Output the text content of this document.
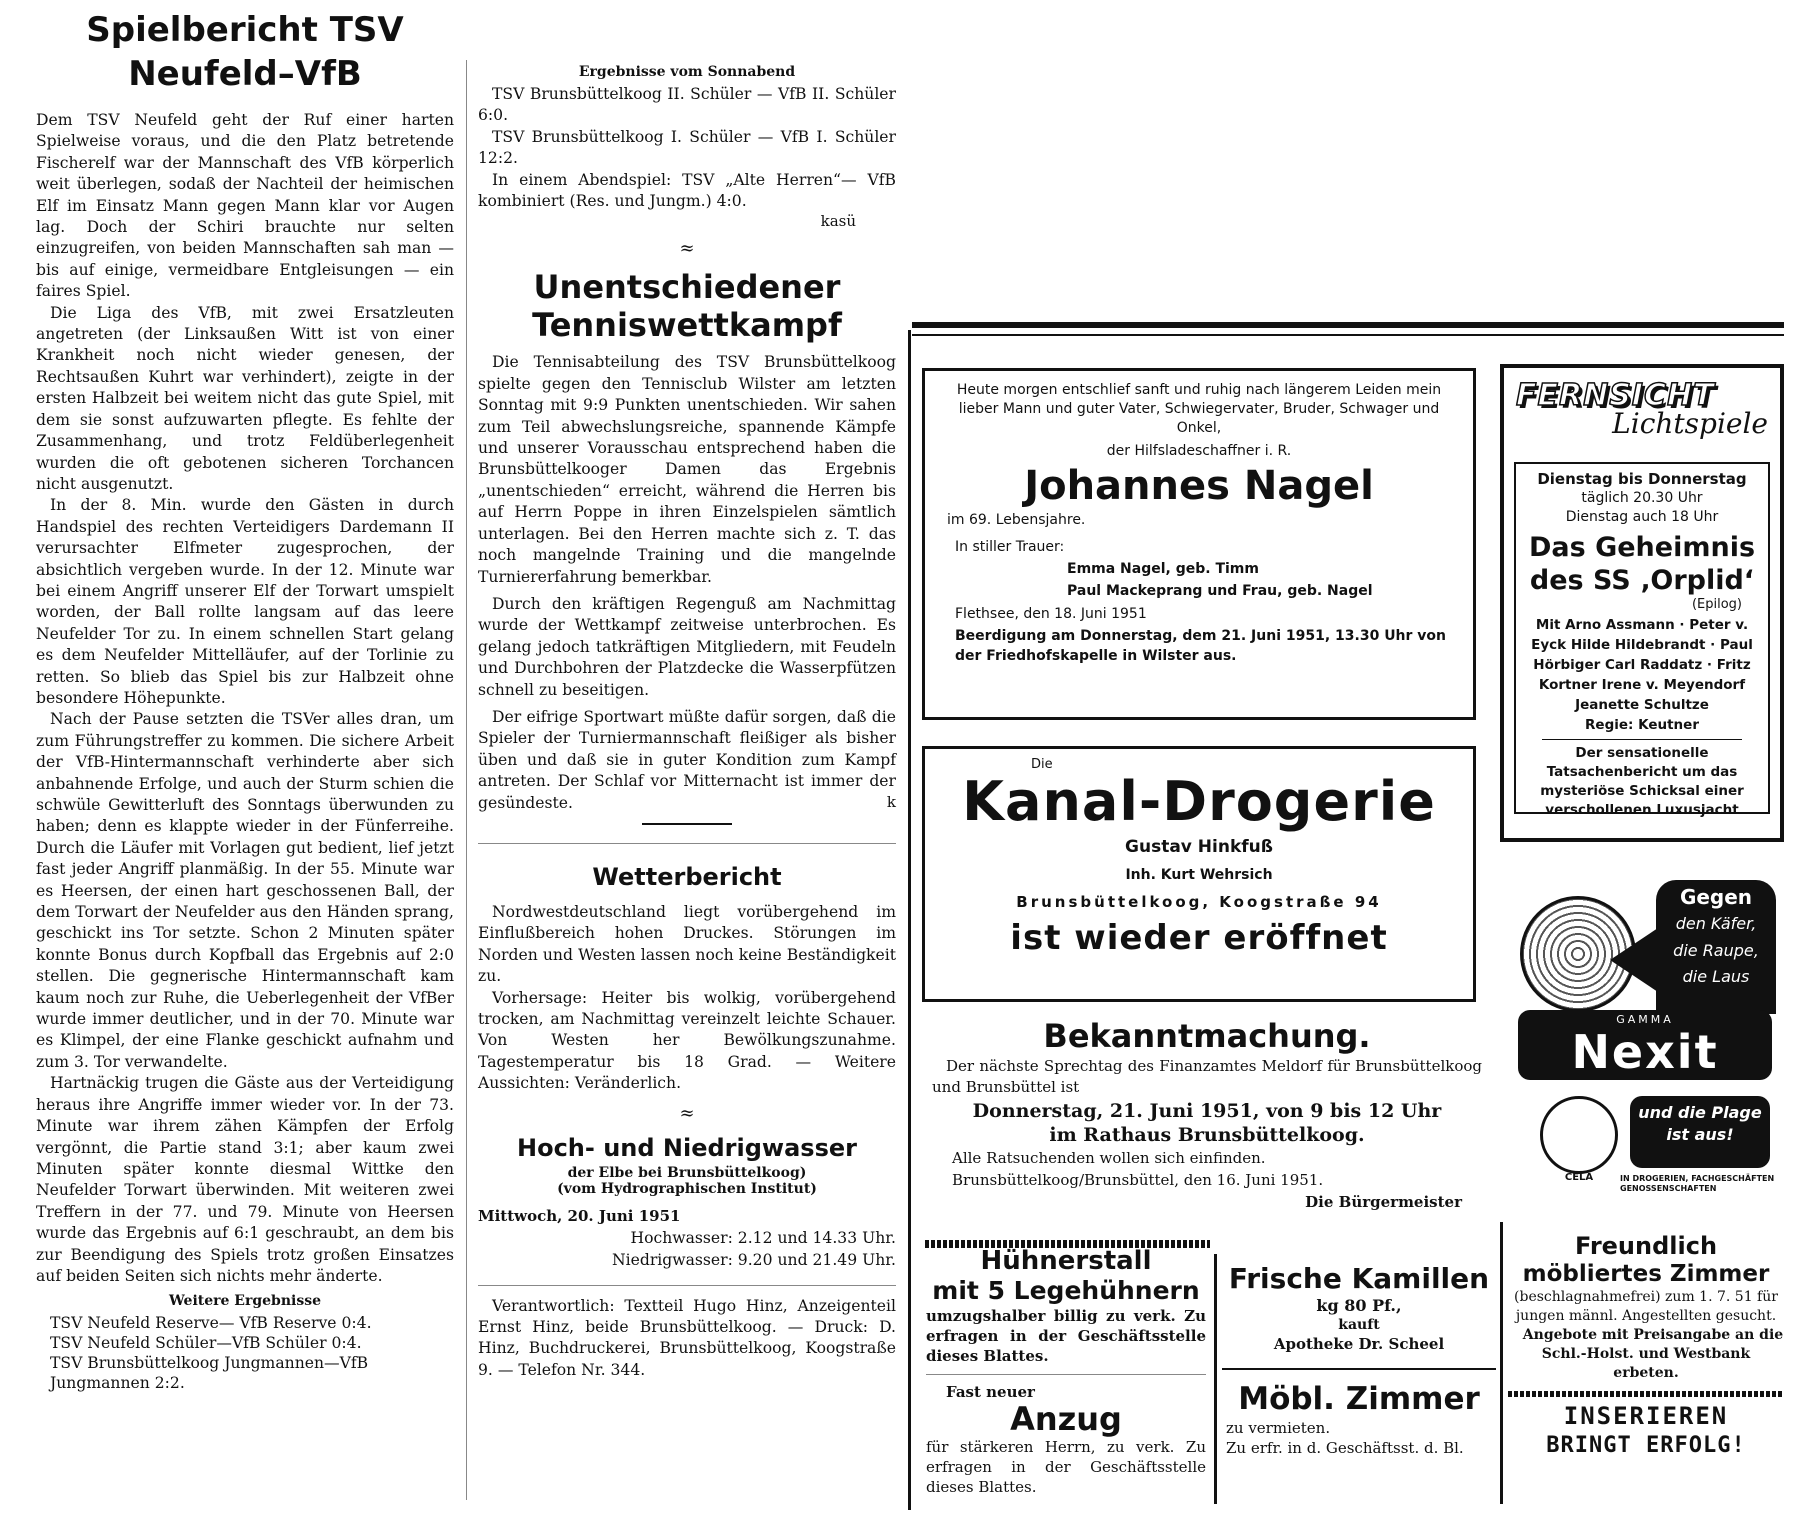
Spielbericht TSV Neufeld–VfB

Dem TSV Neufeld geht der Ruf einer harten Spielweise voraus, und die den Platz betretende Fischerelf war der Mannschaft des VfB körperlich weit überlegen, sodaß der Nachteil der heimischen Elf im Einsatz Mann gegen Mann klar vor Augen lag. Doch der Schiri brauchte nur selten einzugreifen, von beiden Mannschaften sah man — bis auf einige, vermeidbare Entgleisungen — ein faires Spiel.

Die Liga des VfB, mit zwei Ersatzleuten angetreten (der Linksaußen Witt ist von einer Krankheit noch nicht wieder genesen, der Rechtsaußen Kuhrt war verhindert), zeigte in der ersten Halbzeit bei weitem nicht das gute Spiel, mit dem sie sonst aufzuwarten pflegte. Es fehlte der Zusammenhang, und trotz Feldüberlegenheit wurden die oft gebotenen sicheren Torchancen nicht ausgenutzt.

In der 8. Min. wurde den Gästen in durch Handspiel des rechten Verteidigers Dardemann II verursachter Elfmeter zugesprochen, der absichtlich vergeben wurde. In der 12. Minute war bei einem Angriff unserer Elf der Torwart umspielt worden, der Ball rollte langsam auf das leere Neufelder Tor zu. In einem schnellen Start gelang es dem Neufelder Mittelläufer, auf der Torlinie zu retten. So blieb das Spiel bis zur Halbzeit ohne besondere Höhepunkte.

Nach der Pause setzten die TSVer alles dran, um zum Führungstreffer zu kommen. Die sichere Arbeit der VfB-Hintermannschaft verhinderte aber sich anbahnende Erfolge, und auch der Sturm schien die schwüle Gewitterluft des Sonntags überwunden zu haben; denn es klappte wieder in der Fünferreihe. Durch die Läufer mit Vorlagen gut bedient, lief jetzt fast jeder Angriff planmäßig. In der 55. Minute war es Heersen, der einen hart geschossenen Ball, der dem Torwart der Neufelder aus den Händen sprang, geschickt ins Tor setzte. Schon 2 Minuten später konnte Bonus durch Kopfball das Ergebnis auf 2:0 stellen. Die gegnerische Hintermannschaft kam kaum noch zur Ruhe, die Ueberlegenheit der VfBer wurde immer deutlicher, und in der 70. Minute war es Klimpel, der eine Flanke geschickt aufnahm und zum 3. Tor verwandelte.

Hartnäckig trugen die Gäste aus der Verteidigung heraus ihre Angriffe immer wieder vor. In der 73. Minute war ihrem zähen Kämpfen der Erfolg vergönnt, die Partie stand 3:1; aber kaum zwei Minuten später konnte diesmal Wittke den Neufelder Torwart überwinden. Mit weiteren zwei Treffern in der 77. und 79. Minute von Heersen wurde das Ergebnis auf 6:1 geschraubt, an dem bis zur Beendigung des Spiels trotz großen Einsatzes auf beiden Seiten sich nichts mehr änderte.

Weitere Ergebnisse

TSV Neufeld Reserve— VfB Reserve 0:4.

TSV Neufeld Schüler—VfB Schüler 0:4.

TSV Brunsbüttelkoog Jungmannen—VfB Jungmannen 2:2.

Ergebnisse vom Sonnabend

TSV Brunsbüttelkoog II. Schüler — VfB II. Schüler 6:0.

TSV Brunsbüttelkoog I. Schüler — VfB I. Schüler 12:2.

In einem Abendspiel: TSV „Alte Herren“— VfB kombiniert (Res. und Jungm.) 4:0.

kasü
≈
Unentschiedener Tenniswettkampf

Die Tennisabteilung des TSV Brunsbüttelkoog spielte gegen den Tennisclub Wilster am letzten Sonntag mit 9:9 Punkten unentschieden. Wir sahen zum Teil abwechslungsreiche, spannende Kämpfe und unserer Vorausschau entsprechend haben die Brunsbüttelkooger Damen das Ergebnis „unentschieden“ erreicht, während die Herren bis auf Herrn Poppe in ihren Einzelspielen sämtlich unterlagen. Bei den Herren machte sich z. T. das noch mangelnde Training und die mangelnde Turniererfahrung bemerkbar.

Durch den kräftigen Regenguß am Nachmittag wurde der Wettkampf zeitweise unterbrochen. Es gelang jedoch tatkräftigen Mitgliedern, mit Feudeln und Durchbohren der Platzdecke die Wasserpfützen schnell zu beseitigen.

Der eifrige Sportwart müßte dafür sorgen, daß die Spieler der Turniermannschaft fleißiger als bisher üben und daß sie in guter Kondition zum Kampf antreten. Der Schlaf vor Mitternacht ist immer der gesündeste.	k
Wetterbericht

Nordwestdeutschland liegt vorübergehend im Einflußbereich hohen Druckes. Störungen im Norden und Westen lassen noch keine Beständigkeit zu.

Vorhersage: Heiter bis wolkig, vorübergehend trocken, am Nachmittag vereinzelt leichte Schauer. Von Westen her Bewölkungszunahme. Tagestemperatur bis 18 Grad. — Weitere Aussichten: Veränderlich.

≈
Hoch- und Niedrigwasser
der Elbe bei Brunsbüttelkoog)
(vom Hydrographischen Institut)
Mittwoch, 20. Juni 1951
Hochwasser: 2.12 und 14.33 Uhr.
Niedrigwasser: 9.20 und 21.49 Uhr.

Verantwortlich: Textteil Hugo Hinz, Anzeigenteil Ernst Hinz, beide Brunsbüttelkoog. — Druck: D. Hinz, Buchdruckerei, Brunsbüttelkoog, Koogstraße 9. — Telefon Nr. 344.

Heute morgen entschlief sanft und ruhig nach längerem Leiden mein lieber Mann und guter Vater, Schwiegervater, Bruder, Schwager und Onkel,
der Hilfsladeschaffner i. R.
Johannes Nagel
im 69. Lebensjahre.
In stiller Trauer:
Emma Nagel, geb. Timm
Paul Mackeprang und Frau, geb. Nagel
Flethsee, den 18. Juni 1951
Beerdigung am Donnerstag, dem 21. Juni 1951, 13.30 Uhr von der Friedhofskapelle in Wilster aus.
Die
Kanal-Drogerie
Gustav Hinkfuß
Inh. Kurt Wehrsich
Brunsbüttelkoog, Koogstraße 94
ist wieder eröffnet
Bekanntmachung.

Der nächste Sprechtag des Finanzamtes Meldorf für Brunsbüttelkoog und Brunsbüttel ist

Donnerstag, 21. Juni 1951, von 9 bis 12 Uhr
im Rathaus Brunsbüttelkoog.
Alle Ratsuchenden wollen sich einfinden.
Brunsbüttelkoog/Brunsbüttel, den 16. Juni 1951.
Die Bürgermeister
FERNSICHT
Lichtspiele
Dienstag bis Donnerstag
täglich 20.30 Uhr
Dienstag auch 18 Uhr
Das Geheimnis des SS ‚Orplid‘
(Epilog)
Mit Arno Assmann · Peter v. Eyck Hilde Hildebrandt · Paul Hörbiger Carl Raddatz · Fritz Kortner Irene v. Meyendorf Jeanette Schultze
Regie: Keutner
Der sensationelle Tatsachenbericht um das mysteriöse Schicksal einer verschollenen Luxusjacht
Gegen
den Käfer,
die Raupe,
die Laus
GAMMA
Nexit
CELA
und die Plage ist aus!
IN DROGERIEN, FACHGESCHÄFTEN GENOSSENSCHAFTEN
Hühnerstall
mit 5 Legehühnern

umzugshalber billig zu verk. Zu erfragen in der Geschäftsstelle dieses Blattes.

Fast neuer
Anzug

für stärkeren Herrn, zu verk. Zu erfragen in der Geschäftsstelle dieses Blattes.

Frische Kamillen
kg 80 Pf.,
kauft
Apotheke Dr. Scheel
Möbl. Zimmer
zu vermieten.
Zu erfr. in d. Geschäftsst. d. Bl.
Freundlich
möbliertes Zimmer

(beschlagnahmefrei) zum 1. 7. 51 für jungen männl. Angestellten gesucht.

Angebote mit Preisangabe an die Schl.-Holst. und Westbank erbeten.

INSERIEREN
BRINGT ERFOLG!
